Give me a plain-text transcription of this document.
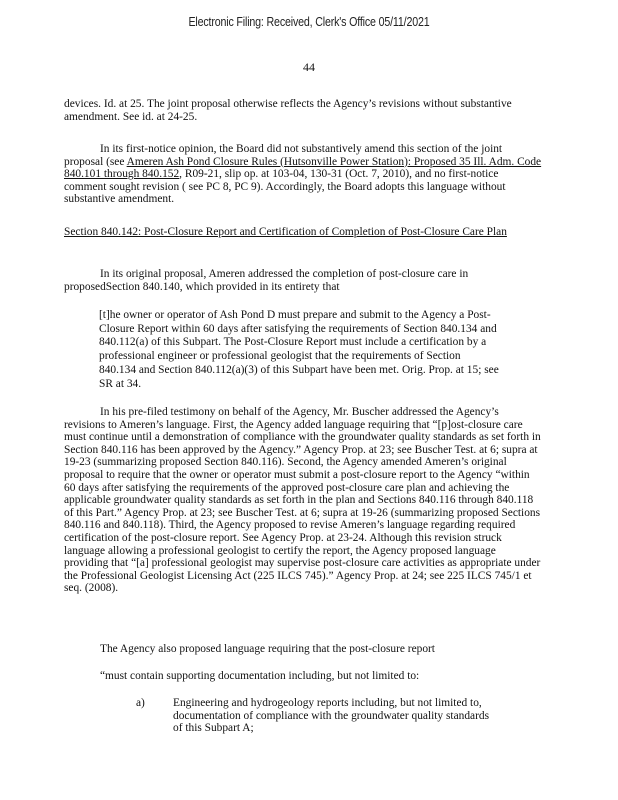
Electronic Filing: Received, Clerk's Office 05/11/2021
44
devices. Id. at 25. The joint proposal otherwise reflects the Agency’s revisions without substantive amendment. See id. at 24-25.
In its first-notice opinion, the Board did not substantively amend this section of the joint proposal (see Ameren Ash Pond Closure Rules (Hutsonville Power Station): Proposed 35 Ill. Adm. Code 840.101 through 840.152, R09-21, slip op. at 103-04, 130-31 (Oct. 7, 2010), and no first-notice comment sought revision ( see PC 8, PC 9). Accordingly, the Board adopts this language without substantive amendment.
Section 840.142: Post-Closure Report and Certification of Completion of Post-Closure Care Plan
In its original proposal, Ameren addressed the completion of post-closure care in proposedSection 840.140, which provided in its entirety that
[t]he owner or operator of Ash Pond D must prepare and submit to the Agency a Post-Closure Report within 60 days after satisfying the requirements of Section 840.134 and 840.112(a) of this Subpart. The Post-Closure Report must include a certification by a professional engineer or professional geologist that the requirements of Section 840.134 and Section 840.112(a)(3) of this Subpart have been met. Orig. Prop. at 15; see SR at 34.
In his pre-filed testimony on behalf of the Agency, Mr. Buscher addressed the Agency’s revisions to Ameren’s language. First, the Agency added language requiring that “[p]ost-closure care must continue until a demonstration of compliance with the groundwater quality standards as set forth in Section 840.116 has been approved by the Agency.” Agency Prop. at 23; see Buscher Test. at 6; supra at 19-23 (summarizing proposed Section 840.116). Second, the Agency amended Ameren’s original proposal to require that the owner or operator must submit a post-closure report to the Agency “within 60 days after satisfying the requirements of the approved post-closure care plan and achieving the applicable groundwater quality standards as set forth in the plan and Sections 840.116 through 840.118 of this Part.” Agency Prop. at 23; see Buscher Test. at 6; supra at 19-26 (summarizing proposed Sections 840.116 and 840.118). Third, the Agency proposed to revise Ameren’s language regarding required certification of the post-closure report. See Agency Prop. at 23-24. Although this revision struck language allowing a professional geologist to certify the report, the Agency proposed language providing that “[a] professional geologist may supervise post-closure care activities as appropriate under the Professional Geologist Licensing Act (225 ILCS 745).” Agency Prop. at 24; see 225 ILCS 745/1 et seq. (2008).
The Agency also proposed language requiring that the post-closure report
“must contain supporting documentation including, but not limited to:
a) Engineering and hydrogeology reports including, but not limited to, documentation of compliance with the groundwater quality standards of this Subpart A;
